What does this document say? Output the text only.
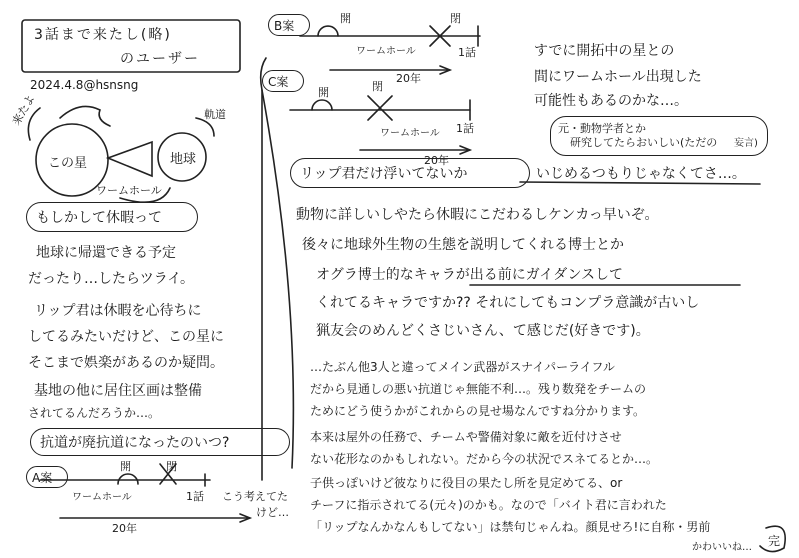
3話まで来たし(略)
のユーザー
2024.4.8@hsnsng
来たよ
この星
ワームホール
地球
軌道
もしかして休暇って
地球に帰還できる予定
だったり…したらツライ。
リップ君は休暇を心待ちに
してるみたいだけど、この星に
そこまで娯楽があるのか疑問。
基地の他に居住区画は整備
されてるんだろうか…。
抗道が廃抗道になったのいつ?
A案
開	閉
ワームホール	1話
20年
こう考えてた
けど…
B案
開	閉
ワームホール	1話
20年
C案
開	閉
ワームホール 1話
20年
すでに開拓中の星との
間にワームホール出現した
可能性もあるのかな…。
元・動物学者とか
研究してたらおいしい(ただの 妄言)
リップ君だけ浮いてないか	いじめるつもりじゃなくてさ…。
動物に詳しいしやたら休暇にこだわるしケンカっ早いぞ。
後々に地球外生物の生態を説明してくれる博士とか
オグラ博士的なキャラが出る前にガイダンスして
くれてるキャラですか?? それにしてもコンプラ意識が古いし
猟友会のめんどくさじいさん、て感じだ(好きです)。
…たぶん他3人と違ってメイン武器がスナイパーライフル
だから見通しの悪い抗道じゃ無能不利…。残り数発をチームの
ためにどう使うかがこれからの見せ場なんですね分かります。
本来は屋外の任務で、チームや警備対象に敵を近付けさせ
ない花形なのかもしれない。だから今の状況でスネてるとか…。
子供っぽいけど彼なりに役目の果たし所を見定めてる、or
チーフに指示されてる(元々)のかも。なので「バイト君に言われた
「リップなんかなんもしてない」は禁句じゃんね。顔見せろ!に自称・男前
かわいいね… 完
